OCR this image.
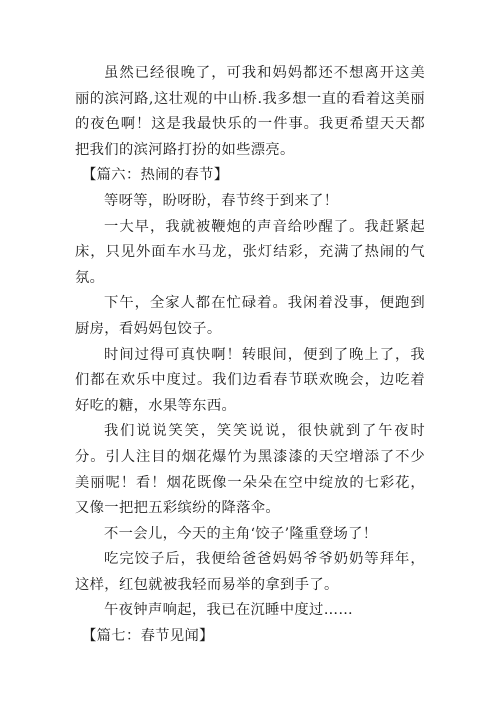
虽然已经很晚了，可我和妈妈都还不想离开这美丽的滨河路,这壮观的中山桥.我多想一直的看着这美丽的夜色啊！这是我最快乐的一件事。我更希望天天都把我们的滨河路打扮的如些漂亮。

【篇六：热闹的春节】

等呀等，盼呀盼，春节终于到来了！

一大早，我就被鞭炮的声音给吵醒了。我赶紧起床，只见外面车水马龙，张灯结彩，充满了热闹的气氛。

下午，全家人都在忙碌着。我闲着没事，便跑到厨房，看妈妈包饺子。

时间过得可真快啊！转眼间，便到了晚上了，我们都在欢乐中度过。我们边看春节联欢晚会，边吃着好吃的糖，水果等东西。

我们说说笑笑，笑笑说说，很快就到了午夜时分。引人注目的烟花爆竹为黑漆漆的天空增添了不少美丽呢！看！烟花既像一朵朵在空中绽放的七彩花，又像一把把五彩缤纷的降落伞。

不一会儿，今天的主角‘饺子’隆重登场了！

吃完饺子后，我便给爸爸妈妈爷爷奶奶等拜年，这样，红包就被我轻而易举的拿到手了。

午夜钟声响起，我已在沉睡中度过……

【篇七：春节见闻】
